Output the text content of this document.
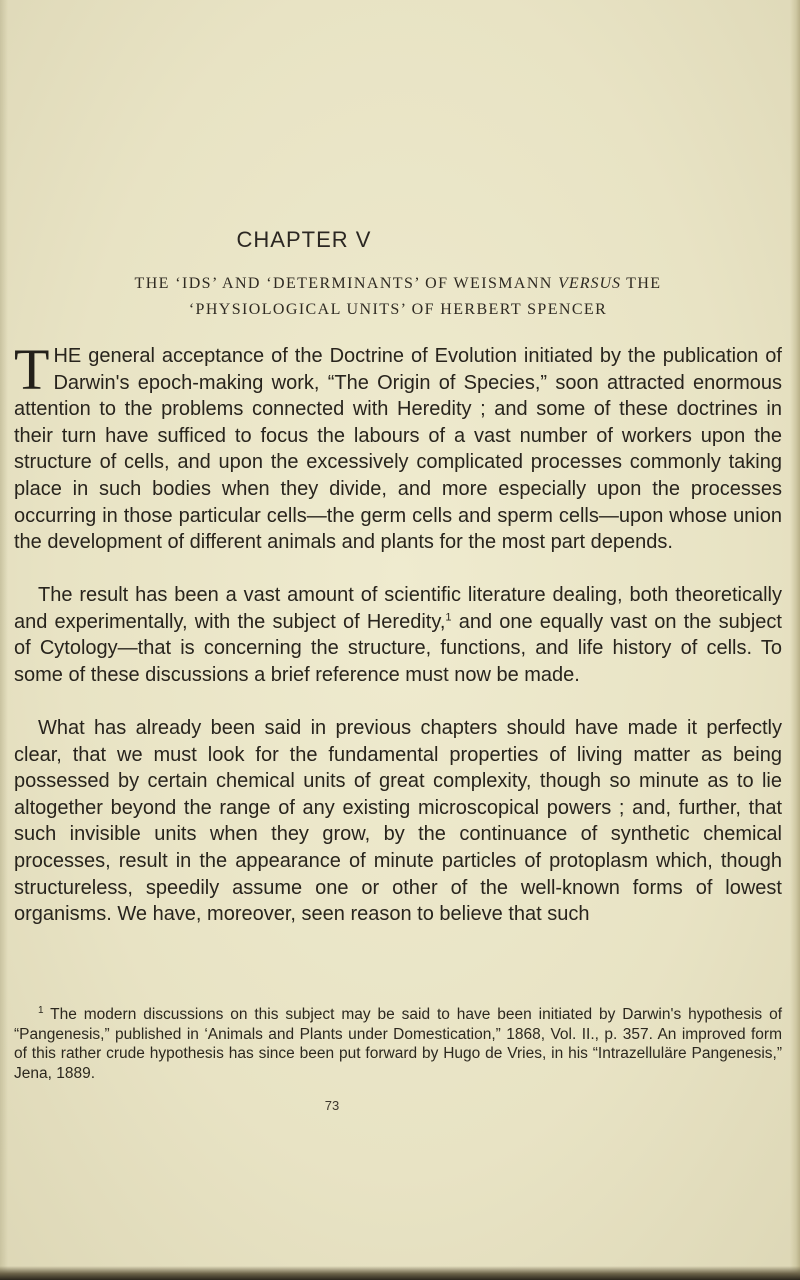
CHAPTER V
THE ‘IDS’ AND ‘DETERMINANTS’ OF WEISMANN VERSUS THE
‘PHYSIOLOGICAL UNITS’ OF HERBERT SPENCER

THE general acceptance of the Doctrine of Evolution initiated by the publication of Darwin's epoch-making work, “The Origin of Species,” soon attracted enormous attention to the problems connected with Heredity ; and some of these doctrines in their turn have sufficed to focus the labours of a vast number of workers upon the structure of cells, and upon the excessively complicated processes commonly taking place in such bodies when they divide, and more especially upon the processes occurring in those particular cells—the germ cells and sperm cells—upon whose union the development of different animals and plants for the most part depends.

The result has been a vast amount of scientific literature dealing, both theoretically and experimentally, with the subject of Heredity,$^1$ and one equally vast on the subject of Cytology—that is concerning the structure, functions, and life history of cells. To some of these discussions a brief reference must now be made.

What has already been said in previous chapters should have made it perfectly clear, that we must look for the fundamental properties of living matter as being possessed by certain chemical units of great complexity, though so minute as to lie altogether beyond the range of any existing microscopical powers ; and, further, that such invisible units when they grow, by the continuance of synthetic chemical processes, result in the appearance of minute particles of protoplasm which, though structureless, speedily assume one or other of the well-known forms of lowest organisms. We have, moreover, seen reason to believe that such

$^1$ The modern discussions on this subject may be said to have been initiated by Darwin's hypothesis of “Pangenesis,” published in ‘Animals and Plants under Domestication,” 1868, Vol. II., p. 357. An improved form of this rather crude hypothesis has since been put forward by Hugo de Vries, in his “Intrazelluläre Pangenesis,” Jena, 1889.

73
